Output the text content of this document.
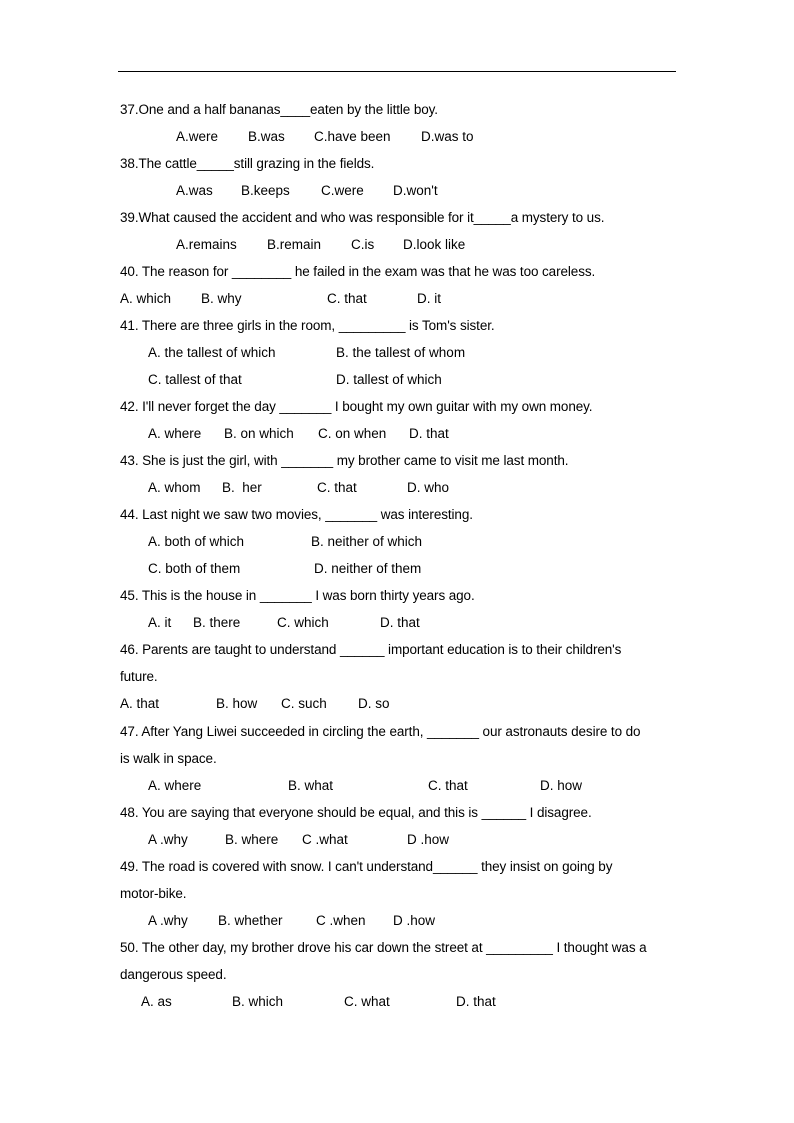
37.One and a half bananas____eaten by the little boy.
A.were B.was C.have been D.was to
38.The cattle_____still grazing in the fields.
A.was B.keeps C.were D.won't
39.What caused the accident and who was responsible for it_____a mystery to us.
A.remains B.remain C.is D.look like
40. The reason for ________ he failed in the exam was that he was too careless.
A. which B. why	C. that	D. it
41. There are three girls in the room, _________ is Tom's sister.
A. the tallest of which	B. the tallest of whom
C. tallest of that	D. tallest of which
42. I'll never forget the day _______ I bought my own guitar with my own money.
A. where B. on which C. on when D. that
43. She is just the girl, with _______ my brother came to visit me last month.
A. whom B.  her	C. that	D. who
44. Last night we saw two movies, _______ was interesting.
A. both of which	B. neither of which
C. both of them	D. neither of them
45. This is the house in _______ I was born thirty years ago.
A. it B. there	C. which	D. that
46. Parents are taught to understand ______ important education is to their children's
future.
A. that	B. how C. such D. so
47. After Yang Liwei succeeded in circling the earth, _______ our astronauts desire to do
is walk in space.
A. where	B. what	C. that	D. how
48. You are saying that everyone should be equal, and this is ______ I disagree.
A .why	B. where C .what	D .how
49. The road is covered with snow. I can't understand______ they insist on going by
motor-bike.
A .why B. whether C .when D .how
50. The other day, my brother drove his car down the street at _________ I thought was a
dangerous speed.
A. as	B. which	C. what	D. that
